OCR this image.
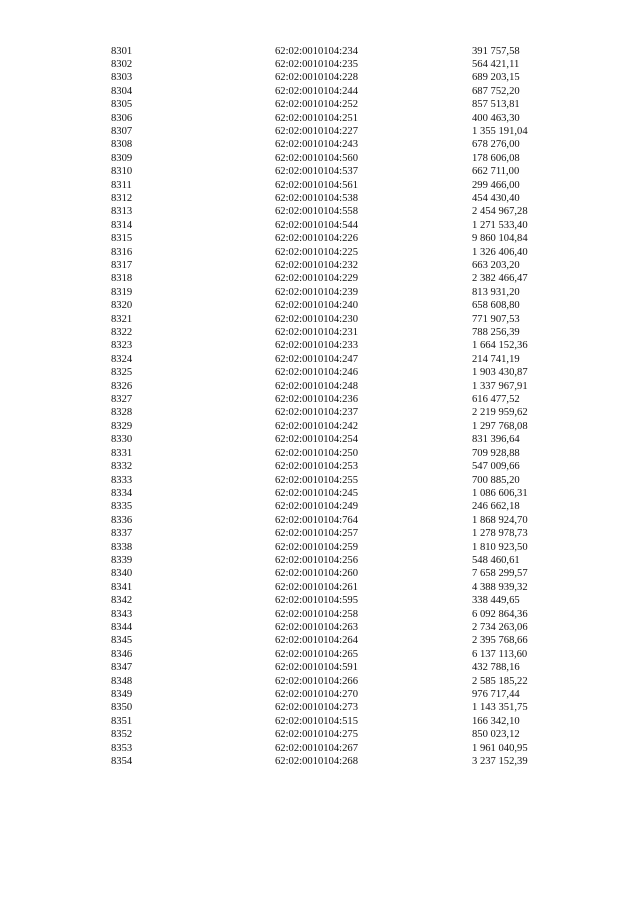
8301	62:02:0010104:234	391 757,58
8302	62:02:0010104:235	564 421,11
8303	62:02:0010104:228	689 203,15
8304	62:02:0010104:244	687 752,20
8305	62:02:0010104:252	857 513,81
8306	62:02:0010104:251	400 463,30
8307	62:02:0010104:227	1 355 191,04
8308	62:02:0010104:243	678 276,00
8309	62:02:0010104:560	178 606,08
8310	62:02:0010104:537	662 711,00
8311	62:02:0010104:561	299 466,00
8312	62:02:0010104:538	454 430,40
8313	62:02:0010104:558	2 454 967,28
8314	62:02:0010104:544	1 271 533,40
8315	62:02:0010104:226	9 860 104,84
8316	62:02:0010104:225	1 326 406,40
8317	62:02:0010104:232	663 203,20
8318	62:02:0010104:229	2 382 466,47
8319	62:02:0010104:239	813 931,20
8320	62:02:0010104:240	658 608,80
8321	62:02:0010104:230	771 907,53
8322	62:02:0010104:231	788 256,39
8323	62:02:0010104:233	1 664 152,36
8324	62:02:0010104:247	214 741,19
8325	62:02:0010104:246	1 903 430,87
8326	62:02:0010104:248	1 337 967,91
8327	62:02:0010104:236	616 477,52
8328	62:02:0010104:237	2 219 959,62
8329	62:02:0010104:242	1 297 768,08
8330	62:02:0010104:254	831 396,64
8331	62:02:0010104:250	709 928,88
8332	62:02:0010104:253	547 009,66
8333	62:02:0010104:255	700 885,20
8334	62:02:0010104:245	1 086 606,31
8335	62:02:0010104:249	246 662,18
8336	62:02:0010104:764	1 868 924,70
8337	62:02:0010104:257	1 278 978,73
8338	62:02:0010104:259	1 810 923,50
8339	62:02:0010104:256	548 460,61
8340	62:02:0010104:260	7 658 299,57
8341	62:02:0010104:261	4 388 939,32
8342	62:02:0010104:595	338 449,65
8343	62:02:0010104:258	6 092 864,36
8344	62:02:0010104:263	2 734 263,06
8345	62:02:0010104:264	2 395 768,66
8346	62:02:0010104:265	6 137 113,60
8347	62:02:0010104:591	432 788,16
8348	62:02:0010104:266	2 585 185,22
8349	62:02:0010104:270	976 717,44
8350	62:02:0010104:273	1 143 351,75
8351	62:02:0010104:515	166 342,10
8352	62:02:0010104:275	850 023,12
8353	62:02:0010104:267	1 961 040,95
8354	62:02:0010104:268	3 237 152,39
